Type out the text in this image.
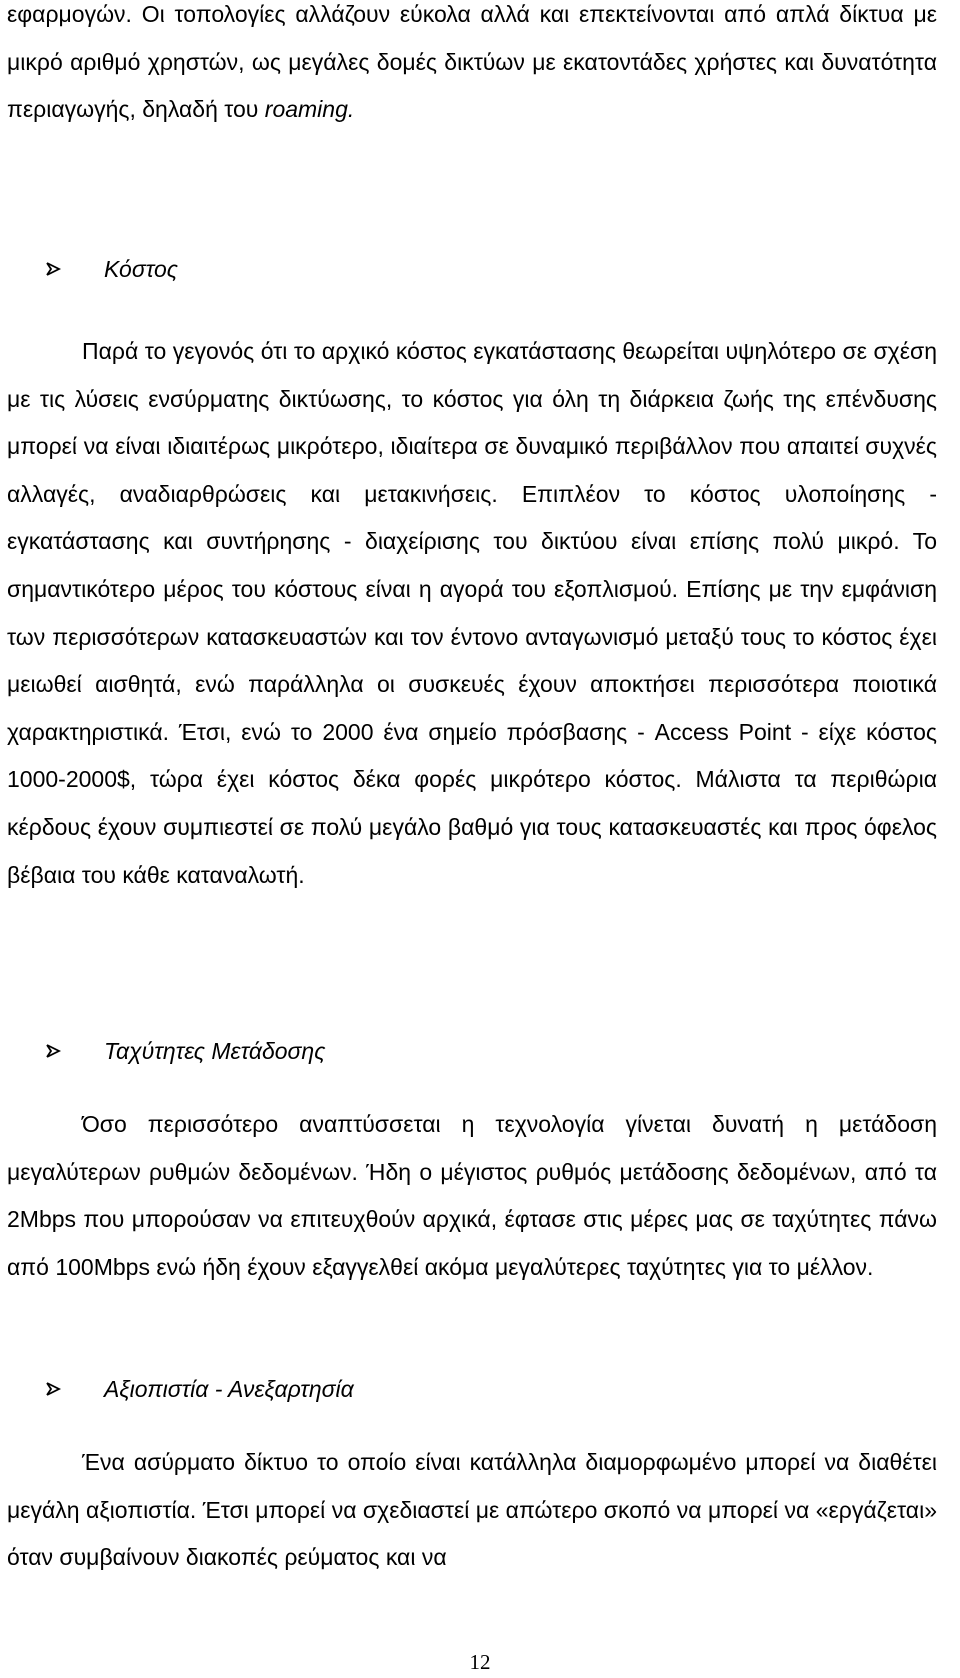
εφαρμογών. Οι τοπολογίες αλλάζουν εύκολα αλλά και επεκτείνονται από απλά δίκτυα με μικρό αριθμό χρηστών, ως μεγάλες δομές δικτύων με εκατοντάδες χρήστες και δυνατότητα περιαγωγής, δηλαδή του roaming.

Κόστος

Παρά το γεγονός ότι το αρχικό κόστος εγκατάστασης θεωρείται υψηλότερο σε σχέση με τις λύσεις ενσύρματης δικτύωσης, το κόστος για όλη τη διάρκεια ζωής της επένδυσης μπορεί να είναι ιδιαιτέρως μικρότερο, ιδιαίτερα σε δυναμικό περιβάλλον που απαιτεί συχνές αλλαγές, αναδιαρθρώσεις και μετακινήσεις. Επιπλέον το κόστος υλοποίησης - εγκατάστασης και συντήρησης - διαχείρισης του δικτύου είναι επίσης πολύ μικρό. Το σημαντικότερο μέρος του κόστους είναι η αγορά του εξοπλισμού. Επίσης με την εμφάνιση των περισσότερων κατασκευαστών και τον έντονο ανταγωνισμό μεταξύ τους το κόστος έχει μειωθεί αισθητά, ενώ παράλληλα οι συσκευές έχουν αποκτήσει περισσότερα ποιοτικά χαρακτηριστικά. Έτσι, ενώ το 2000 ένα σημείο πρόσβασης - Access Point - είχε κόστος 1000-2000$, τώρα έχει κόστος δέκα φορές μικρότερο κόστος. Μάλιστα τα περιθώρια κέρδους έχουν συμπιεστεί σε πολύ μεγάλο βαθμό για τους κατασκευαστές και προς όφελος βέβαια του κάθε καταναλωτή.

Ταχύτητες Μετάδοσης

Όσο περισσότερο αναπτύσσεται η τεχνολογία γίνεται δυνατή η μετάδοση μεγαλύτερων ρυθμών δεδομένων. Ήδη ο μέγιστος ρυθμός μετάδοσης δεδομένων, από τα 2Mbps που μπορούσαν να επιτευχθούν αρχικά, έφτασε στις μέρες μας σε ταχύτητες πάνω από 100Mbps ενώ ήδη έχουν εξαγγελθεί ακόμα μεγαλύτερες ταχύτητες για το μέλλον.

Αξιοπιστία - Ανεξαρτησία

Ένα ασύρματο δίκτυο το οποίο είναι κατάλληλα διαμορφωμένο μπορεί να διαθέτει μεγάλη αξιοπιστία. Έτσι μπορεί να σχεδιαστεί με απώτερο σκοπό να μπορεί να «εργάζεται» όταν συμβαίνουν διακοπές ρεύματος και να

12
